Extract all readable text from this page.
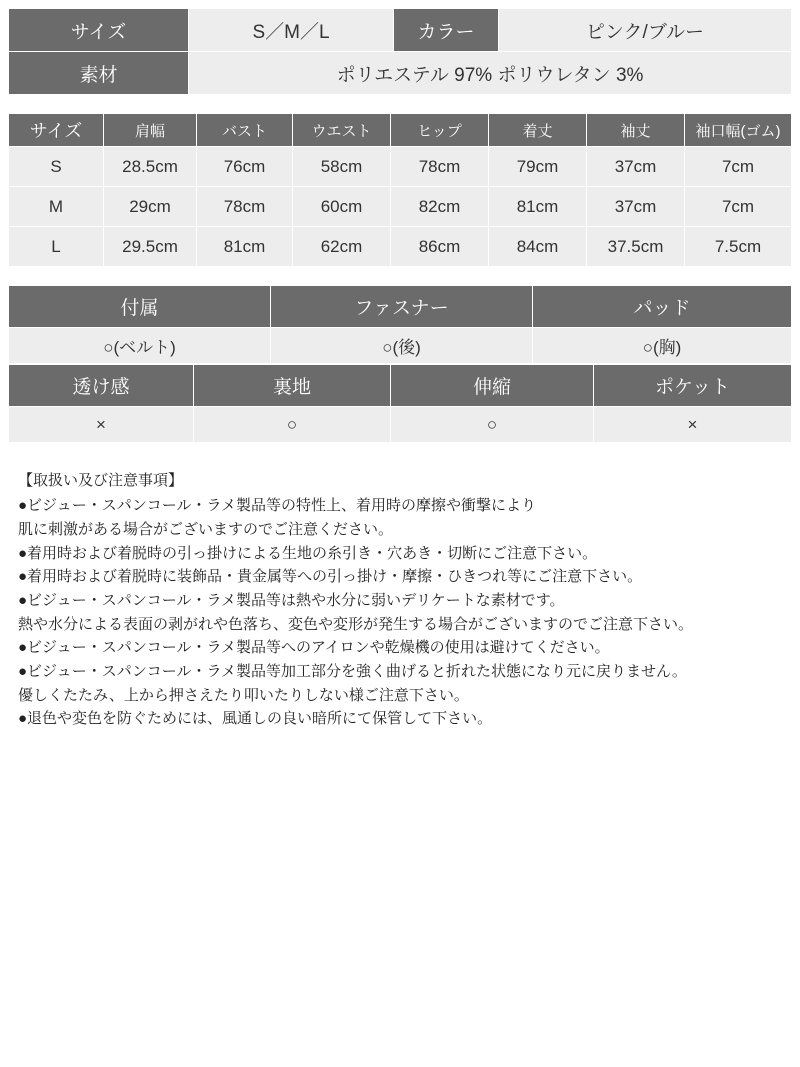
サイズ	S／M／L	カラー	ピンク/ブルー
素材	ポリエステル 97% ポリウレタン 3%		
サイズ	肩幅	バスト	ウエスト	ヒップ	着丈	袖丈	袖口幅(ゴム)
S	28.5cm	76cm	58cm	78cm	79cm	37cm	7cm
M	29cm	78cm	60cm	82cm	81cm	37cm	7cm
L	29.5cm	81cm	62cm	86cm	84cm	37.5cm	7.5cm
付属	ファスナー	パッド
○(ベルト)	○(後)	○(胸)
透け感	裏地	伸縮	ポケット
×	○	○	×

【取扱い及び注意事項】

●ビジュー・スパンコール・ラメ製品等の特性上、着用時の摩擦や衝撃により

肌に刺激がある場合がございますのでご注意ください。

●着用時および着脱時の引っ掛けによる生地の糸引き・穴あき・切断にご注意下さい。

●着用時および着脱時に装飾品・貴金属等への引っ掛け・摩擦・ひきつれ等にご注意下さい。

●ビジュー・スパンコール・ラメ製品等は熱や水分に弱いデリケートな素材です。

熱や水分による表面の剥がれや色落ち、変色や変形が発生する場合がございますのでご注意下さい。

●ビジュー・スパンコール・ラメ製品等へのアイロンや乾燥機の使用は避けてください。

●ビジュー・スパンコール・ラメ製品等加工部分を強く曲げると折れた状態になり元に戻りません。

優しくたたみ、上から押さえたり叩いたりしない様ご注意下さい。

●退色や変色を防ぐためには、風通しの良い暗所にて保管して下さい。
